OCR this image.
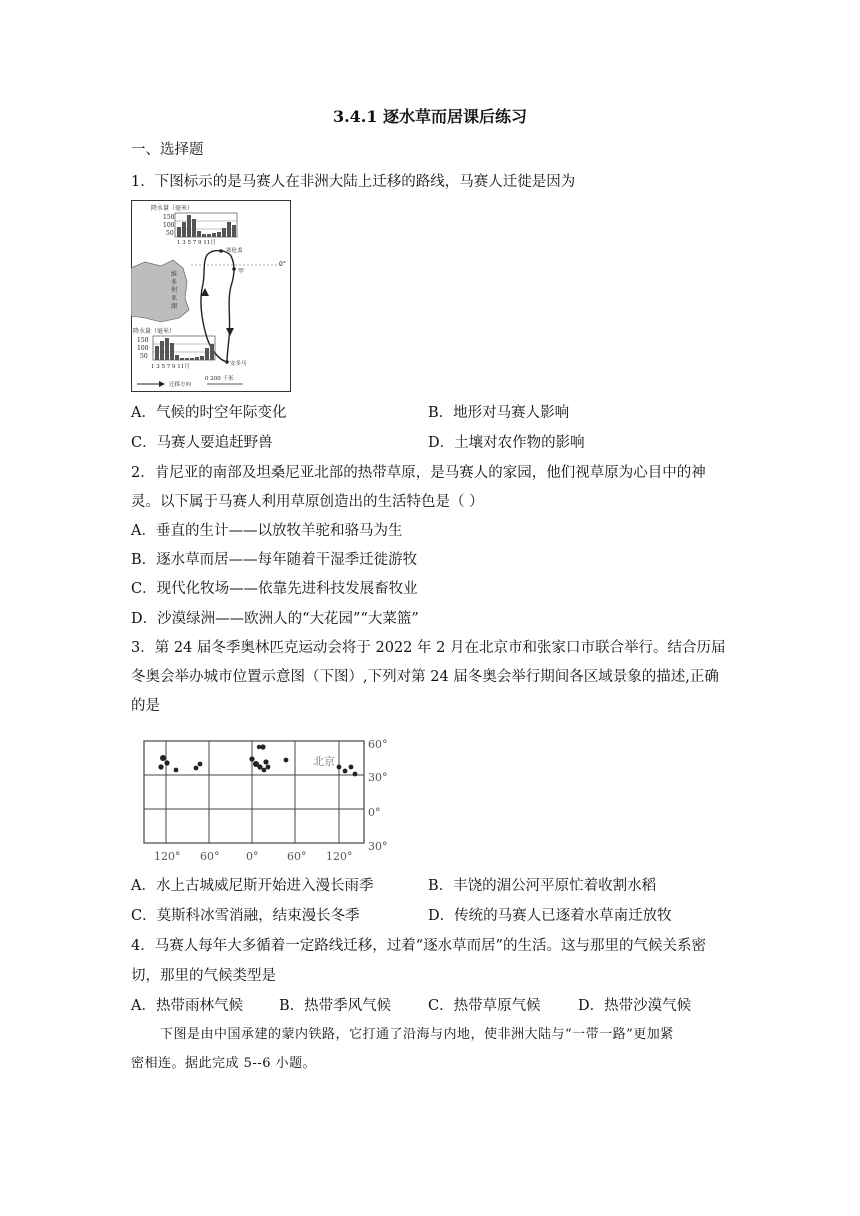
3.4.1 逐水草而居课后练习
一、选择题
1．下图标示的是马赛人在非洲大陆上迁移的路线，马赛人迁徙是因为
降水量（毫米）
150
100
50
1 3 5 7 9 11月
0°
维
多
利
亚
湖
塞伦盖
甲
安多马
降水量（毫米）
150
100
50
1 3 5 7 9 11月
迁移方向
0 200 千米
A．气候的时空年际变化	B．地形对马赛人影响
C．马赛人要追赶野兽	D．土壤对农作物的影响
2．肯尼亚的南部及坦桑尼亚北部的热带草原，是马赛人的家园，他们视草原为心目中的神
灵。以下属于马赛人利用草原创造出的生活特色是（ ）
A．垂直的生计——以放牧羊驼和骆马为生
B．逐水草而居——每年随着干湿季迁徙游牧
C．现代化牧场——依靠先进科技发展畜牧业
D．沙漠绿洲——欧洲人的“大花园”“大菜篮”
3．第 24 届冬季奥林匹克运动会将于 2022 年 2 月在北京市和张家口市联合举行。结合历届
冬奥会举办城市位置示意图（下图）,下列对第 24 届冬奥会举行期间各区域景象的描述,正确
的是
北京
60°
30°
0°
30°
120° 60° 0°	60° 120°
A．水上古城威尼斯开始进入漫长雨季	B．丰饶的湄公河平原忙着收割水稻
C．莫斯科冰雪消融，结束漫长冬季	D．传统的马赛人已逐着水草南迁放牧
4．马赛人每年大多循着一定路线迁移，过着“逐水草而居”的生活。这与那里的气候关系密
切，那里的气候类型是
A．热带雨林气候 B．热带季风气候	C．热带草原气候	D．热带沙漠气候
下图是由中国承建的蒙内铁路，它打通了沿海与内地，使非洲大陆与“一带一路”更加紧
密相连。据此完成 5--6 小题。
